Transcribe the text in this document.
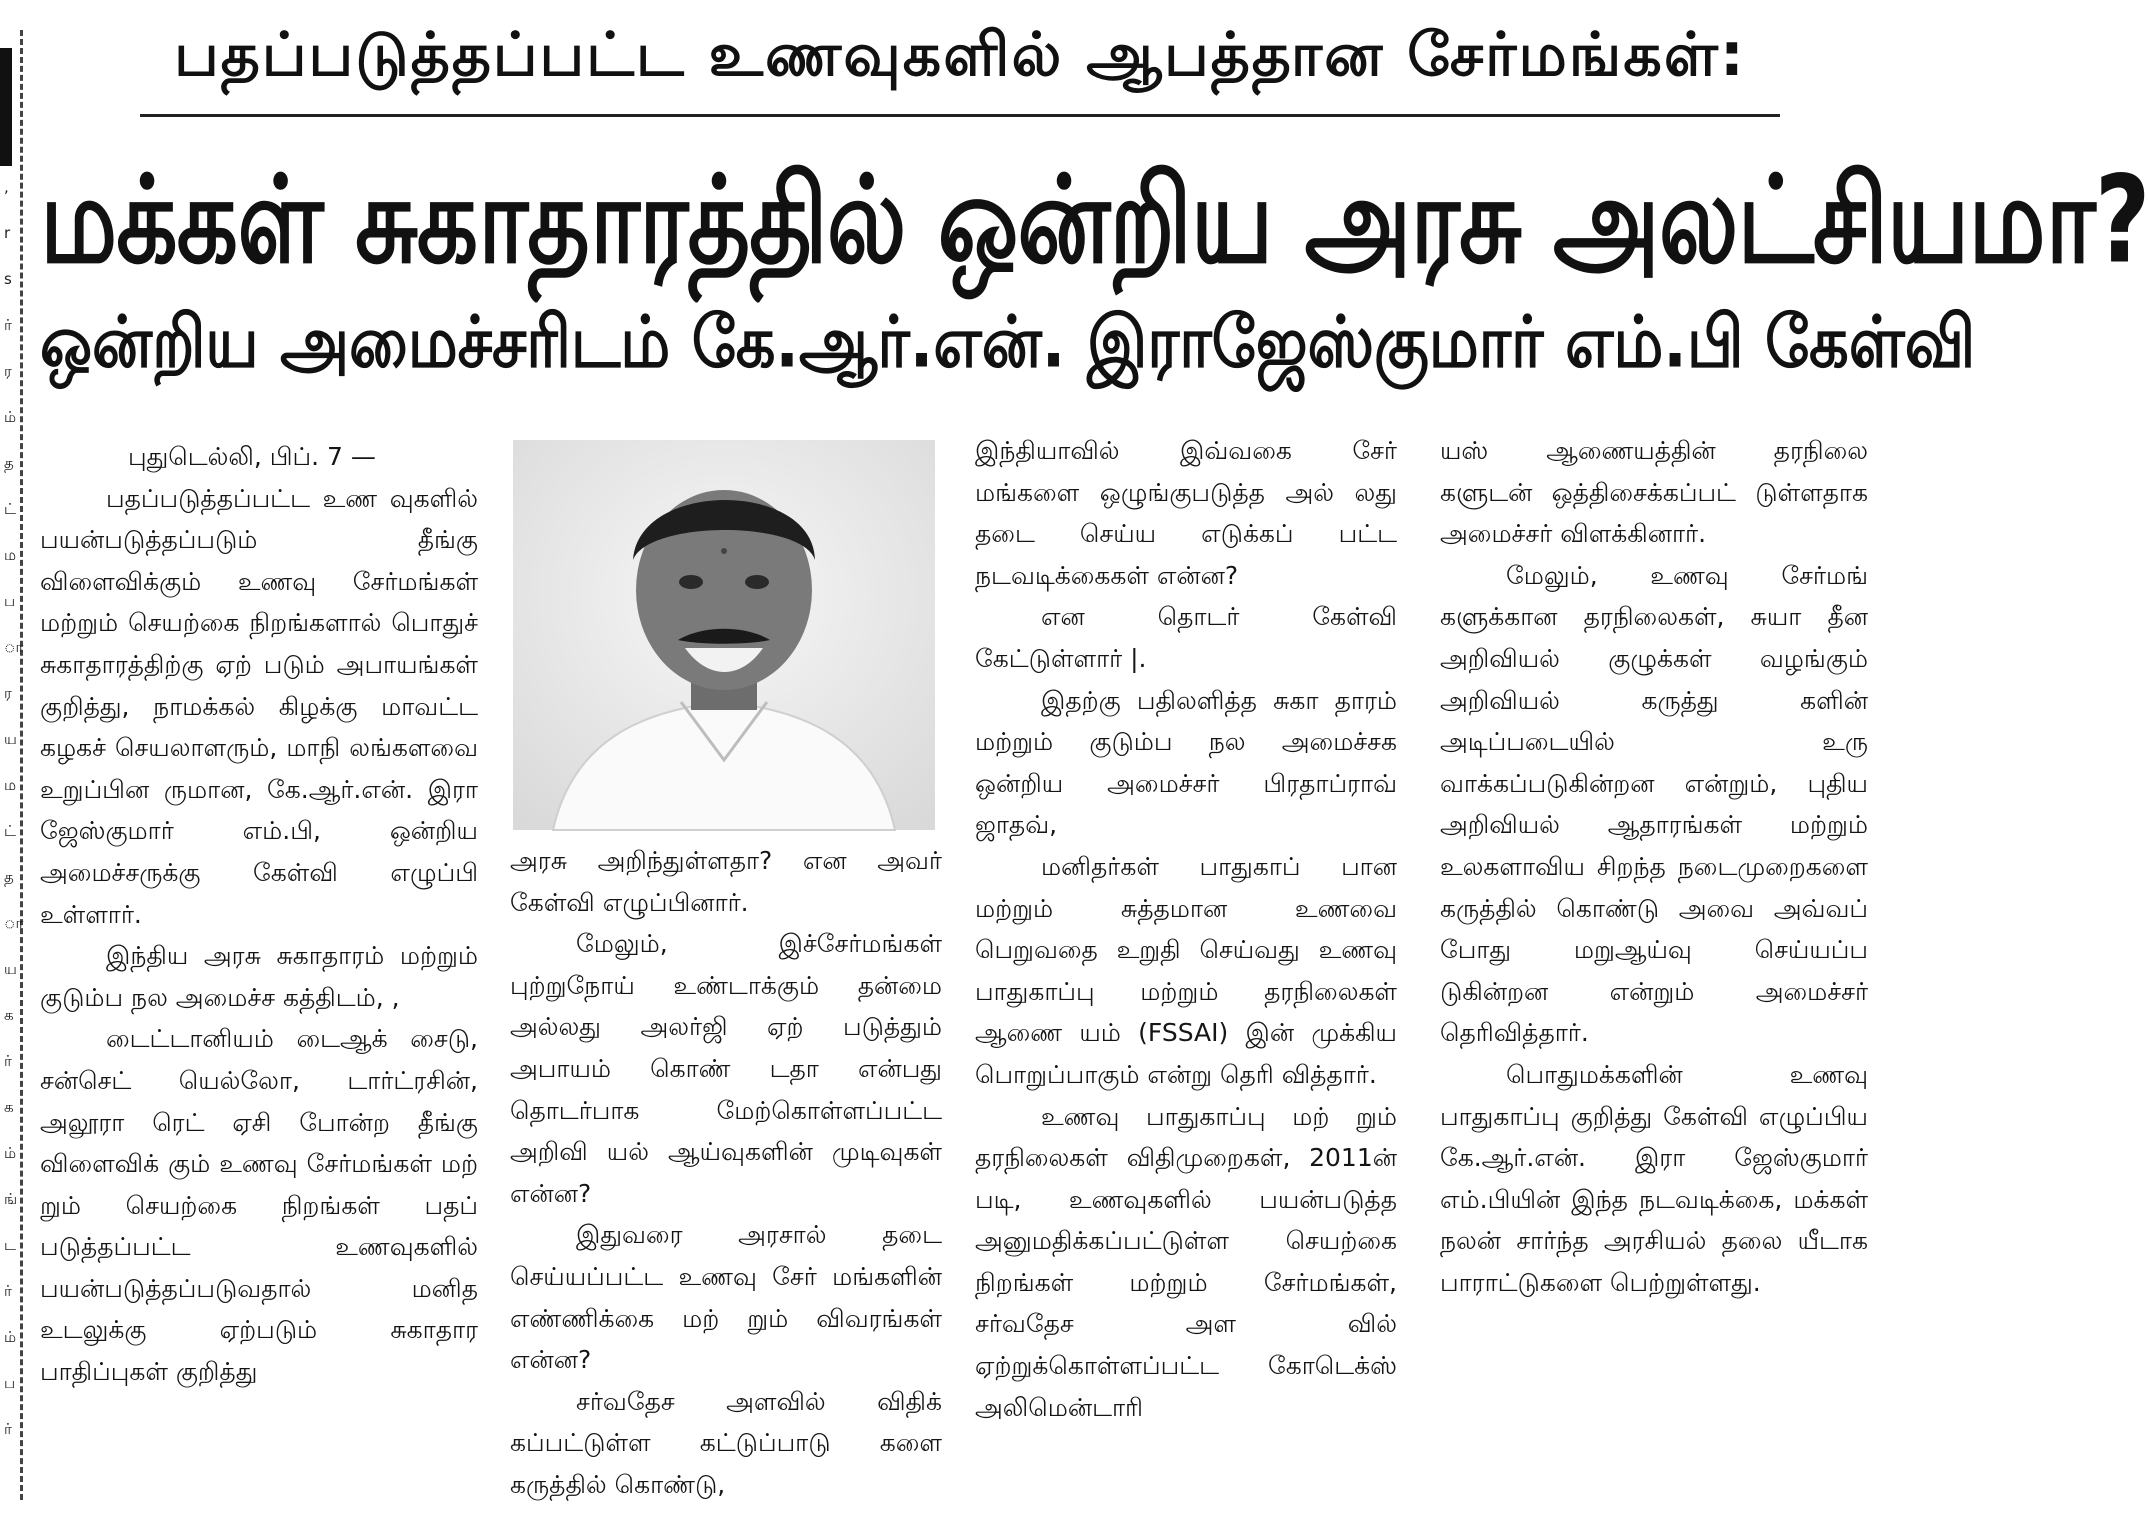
,
r
s
ர்
ர
ம்
த
ட்
ம
ப
ா
ர
ய
ம
ட்
த
ா
ய
க
ர்
க
ம்
ங்
ட
ர்
ம்
ப
ர்
பதப்படுத்தப்பட்ட உணவுகளில் ஆபத்தான சேர்மங்கள்:
மக்கள் சுகாதாரத்தில் ஒன்றிய அரசு அலட்சியமா?
ஒன்றிய அமைச்சரிடம் கே.ஆர்.என். இராஜேஸ்குமார் எம்.பி கேள்வி

புதுடெல்லி, பிப். 7 —

பதப்படுத்தப்பட்ட உண வுகளில் பயன்படுத்தப்படும் தீங்கு விளைவிக்கும் உணவு சேர்மங்கள் மற்றும் செயற்கை நிறங்களால் பொதுச் சுகாதாரத்திற்கு ஏற் படும் அபாயங்கள் குறித்து, நாமக்கல் கிழக்கு மாவட்ட கழகச் செயலாளரும், மாநி லங்களவை உறுப்பின ருமான, கே.ஆர்.என். இரா ஜேஸ்குமார் எம்.பி, ஒன்றிய அமைச்சருக்கு கேள்வி எழுப்பி உள்ளார்.

இந்திய அரசு சுகாதாரம் மற்றும் குடும்ப நல அமைச்ச கத்திடம், ,

டைட்டானியம் டைஆக் சைடு, சன்செட் யெல்லோ, டார்ட்ரசின், அலூரா ரெட் ஏசி போன்ற தீங்கு விளைவிக் கும் உணவு சேர்மங்கள் மற் றும் செயற்கை நிறங்கள் பதப் படுத்தப்பட்ட உணவுகளில் பயன்படுத்தப்படுவதால் மனித உடலுக்கு ஏற்படும் சுகாதார பாதிப்புகள் குறித்து

அரசு அறிந்துள்ளதா? என அவர் கேள்வி எழுப்பினார்.

மேலும், இச்சேர்மங்கள் புற்றுநோய் உண்டாக்கும் தன்மை அல்லது அலர்ஜி ஏற் படுத்தும் அபாயம் கொண் டதா என்பது தொடர்பாக மேற்கொள்ளப்பட்ட அறிவி யல் ஆய்வுகளின் முடிவுகள் என்ன?

இதுவரை அரசால் தடை செய்யப்பட்ட உணவு சேர் மங்களின் எண்ணிக்கை மற் றும் விவரங்கள் என்ன?

சர்வதேச அளவில் விதிக் கப்பட்டுள்ள கட்டுப்பாடு களை கருத்தில் கொண்டு,

இந்தியாவில் இவ்வகை சேர் மங்களை ஒழுங்குபடுத்த அல் லது தடை செய்ய எடுக்கப் பட்ட நடவடிக்கைகள் என்ன?

என தொடர் கேள்வி கேட்டுள்ளார் |.

இதற்கு பதிலளித்த சுகா தாரம் மற்றும் குடும்ப நல அமைச்சக ஒன்றிய அமைச்சர் பிரதாப்ராவ் ஜாதவ்,

மனிதர்கள் பாதுகாப் பான மற்றும் சுத்தமான உணவை பெறுவதை உறுதி செய்வது உணவு பாதுகாப்பு மற்றும் தரநிலைகள் ஆணை யம் (FSSAI) இன் முக்கிய பொறுப்பாகும் என்று தெரி வித்தார்.

உணவு பாதுகாப்பு மற் றும் தரநிலைகள் விதிமுறைகள், 2011ன் படி, உணவுகளில் பயன்படுத்த அனுமதிக்கப்பட்டுள்ள செயற்கை நிறங்கள் மற்றும் சேர்மங்கள், சர்வதேச அள வில் ஏற்றுக்கொள்ளப்பட்ட கோடெக்ஸ் அலிமென்டாரி

யஸ் ஆணையத்தின் தரநிலை களுடன் ஒத்திசைக்கப்பட் டுள்ளதாக அமைச்சர் விளக்கினார்.

மேலும், உணவு சேர்மங் களுக்கான தரநிலைகள், சுயா தீன அறிவியல் குழுக்கள் வழங்கும் அறிவியல் கருத்து களின் அடிப்படையில் உரு வாக்கப்படுகின்றன என்றும், புதிய அறிவியல் ஆதாரங்கள் மற்றும் உலகளாவிய சிறந்த நடைமுறைகளை கருத்தில் கொண்டு அவை அவ்வப் போது மறுஆய்வு செய்யப்ப டுகின்றன என்றும் அமைச்சர் தெரிவித்தார்.

பொதுமக்களின் உணவு பாதுகாப்பு குறித்து கேள்வி எழுப்பிய கே.ஆர்.என். இரா ஜேஸ்குமார் எம்.பியின் இந்த நடவடிக்கை, மக்கள் நலன் சார்ந்த அரசியல் தலை யீடாக பாராட்டுகளை பெற்றுள்ளது.
